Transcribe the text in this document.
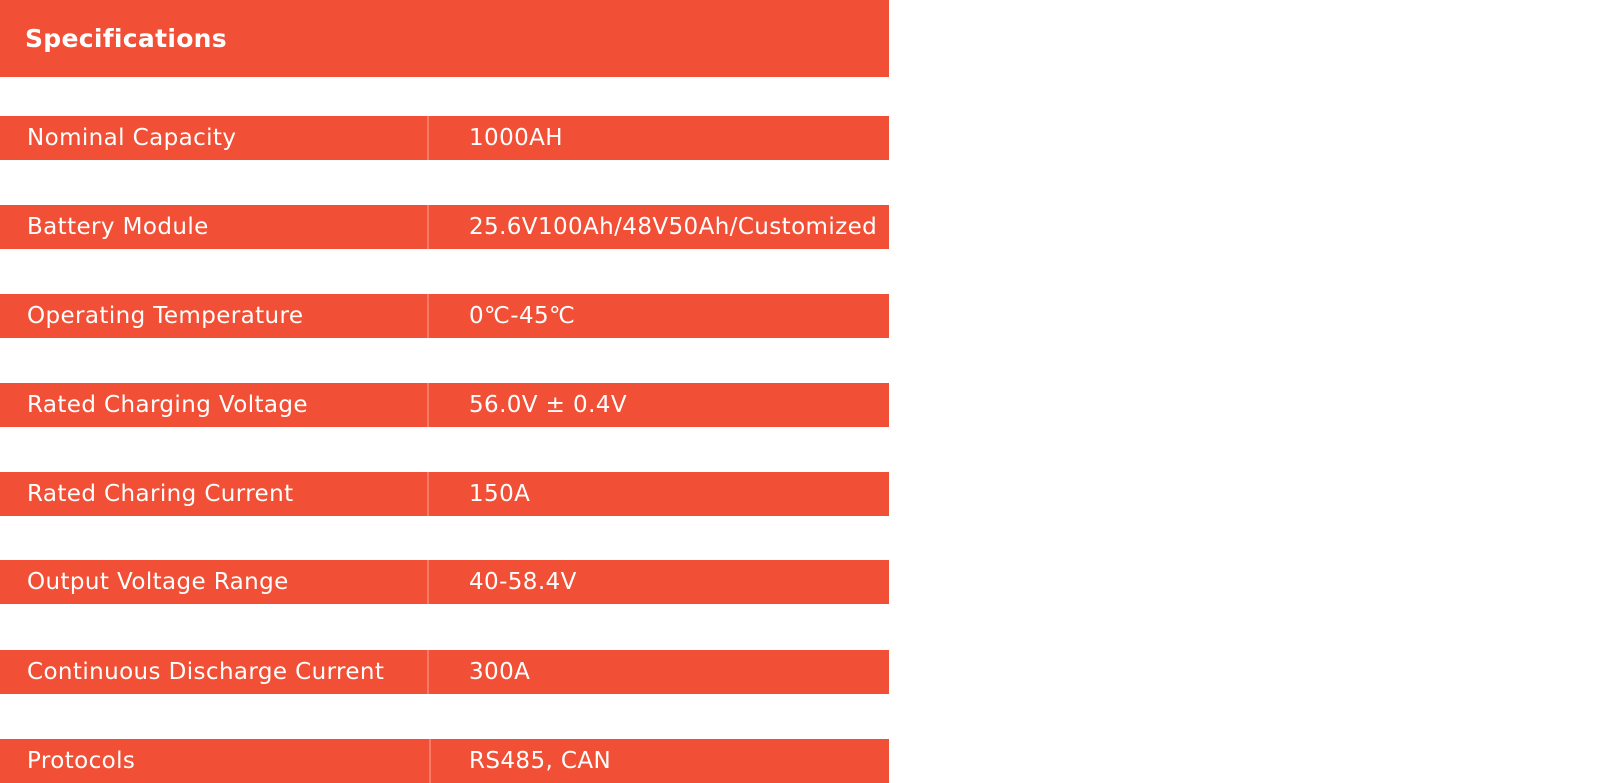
Specifications
Nominal Capacity	1000AH
Battery Module	25.6V100Ah/48V50Ah/Customized
Operating Temperature	0℃-45℃
Rated Charging Voltage	56.0V ± 0.4V
Rated Charing Current	150A
Output Voltage Range	40-58.4V
Continuous Discharge Current	300A
Protocols	RS485, CAN
